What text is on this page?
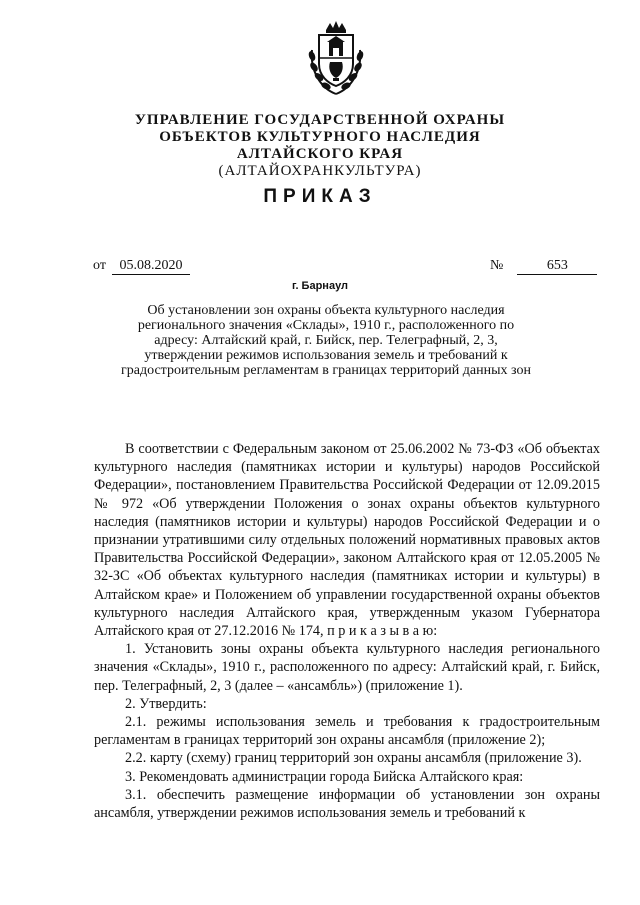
УПРАВЛЕНИЕ ГОСУДАРСТВЕННОЙ ОХРАНЫ
ОБЪЕКТОВ КУЛЬТУРНОГО НАСЛЕДИЯ
АЛТАЙСКОГО КРАЯ
(АЛТАЙОХРАНКУЛЬТУРА)
ПРИКАЗ
от 05.08.2020	№	653
г. Барнаул
Об установлении зон охраны объекта культурного наследия регионального значения «Склады», 1910 г., расположенного по адресу: Алтайский край, г. Бийск, пер. Телеграфный, 2, 3, утверждении режимов использования земель и требований к градостроительным регламентам в границах территорий данных зон

В соответствии с Федеральным законом от 25.06.2002 № 73-ФЗ «Об объектах культурного наследия (памятниках истории и культуры) народов Российской Федерации», постановлением Правительства Российской Федерации от 12.09.2015 № 972 «Об утверждении Положения о зонах охраны объектов культурного наследия (памятников истории и культуры) народов Российской Федерации и о признании утратившими силу отдельных положений нормативных правовых актов Правительства Российской Федерации», законом Алтайского края от 12.05.2005 № 32-ЗС «Об объектах культурного наследия (памятниках истории и культуры) в Алтайском крае» и Положением об управлении государственной охраны объектов культурного наследия Алтайского края, утвержденным указом Губернатора Алтайского края от 27.12.2016 № 174, п р и к а з ы в а ю:

1. Установить зоны охраны объекта культурного наследия регионального значения «Склады», 1910 г., расположенного по адресу: Алтайский край, г. Бийск, пер. Телеграфный, 2, 3 (далее – «ансамбль») (приложение 1).

2. Утвердить:

2.1. режимы использования земель и требования к градостроительным регламентам в границах территорий зон охраны ансамбля (приложение 2);

2.2. карту (схему) границ территорий зон охраны ансамбля (приложение 3).

3. Рекомендовать администрации города Бийска Алтайского края:

3.1. обеспечить размещение информации об установлении зон охраны ансамбля, утверждении режимов использования земель и требований к
